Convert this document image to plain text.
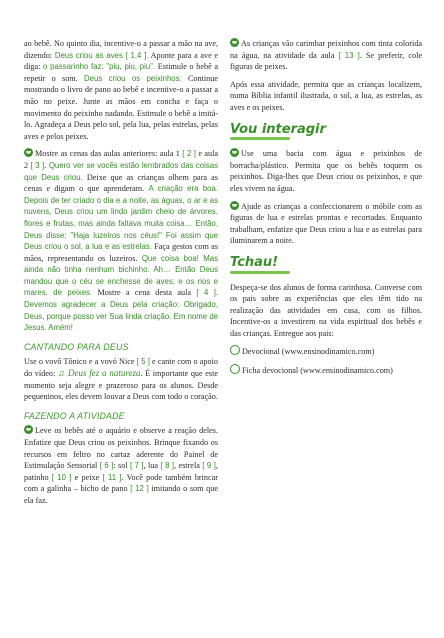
ao bebê. No quinto dia, incentive-o a passar a mão na ave, dizendo: Deus criou as aves [ 1.4 ]. Aponte para a ave e diga: o passarinho faz: "piu, piu, piu". Estimule o bebê a repetir o som. Deus criou os peixinhos. Continue mostrando o livro de pano ao bebê e incentive-o a passar a mão no peixe. Junte as mãos em concha e faça o movimento do peixinho nadando. Estimule o bebê a imitá-lo. Agradeça a Deus pelo sol, pela lua, pelas estrelas, pelas aves e pelos peixes.

Mostre as cenas das aulas anteriores: aula 1 [ 2 ] e aula 2 [ 3 ]. Quero ver se vocês estão lembrados das coisas que Deus criou. Deixe que as crianças olhem para as cenas e digam o que aprenderam. A criação era boa. Depois de ter criado o dia e a noite, as águas, o ar e as nuvens, Deus criou um lindo jardim cheio de árvores, flores e frutas, mas ainda faltava muita coisa… Então, Deus disse: "Haja luzeiros nos céus!" Foi assim que Deus criou o sol, a lua e as estrelas. Faça gestos com as mãos, representando os luzeiros. Que coisa boa! Mas ainda não tinha nenhum bichinho. Ah… Então Deus mandou que o céu se enchesse de aves; e os rios e mares, de peixes. Mostre a cena desta aula [ 4 ]. Devemos agradecer a Deus pela criação: Obrigado, Deus, porque posso ver Sua linda criação. Em nome de Jesus. Amém!

CANTANDO PARA DEUS

Use o vovô Tônico e a vovó Nice [ 5 ] e cante com o apoio do vídeo: ♫ Deus fez a natureza. É importante que este momento seja alegre e prazeroso para os alunos. Desde pequeninos, eles devem louvar a Deus com todo o coração.

FAZENDO A ATIVIDADE

Leve os bebês até o aquário e observe a reação deles. Enfatize que Deus criou os peixinhos. Brinque fixando os recursos em feltro no cartaz aderente do Painel de Estimulação Sensorial [ 6 ]: sol [ 7 ], lua [ 8 ], estrela [ 9 ], patinho [ 10 ] e peixe [ 11 ]. Você pode também brincar com a galinha – bicho de pano [ 12 ] imitando o som que ela faz.

As crianças vão carimbar peixinhos com tinta colorida na água, na atividade da aula [ 13 ]. Se preferir, cole figuras de peixes.

Após essa atividade, permita que as crianças localizem, numa Bíblia infantil ilustrada, o sol, a lua, as estrelas, as aves e os peixes.

Vou interagir

Use uma bacia com água e peixinhos de borracha/plástico. Permita que os bebês toquem os peixinhos. Diga-lhes que Deus criou os peixinhos, e que eles vivem na água.

Ajude as crianças a confeccionarem o móbile com as figuras de lua e estrelas prontas e recortadas. Enquanto trabalham, enfatize que Deus criou a lua e as estrelas para iluminarem a noite.

Tchau!

Despeça-se dos alunos de forma carinhosa. Converse com os pais sobre as experiências que eles têm tido na realização das atividades em casa, com os filhos. Incentive-os a investirem na vida espiritual dos bebês e das crianças. Entregue aos pais:

Devocional (www.ensinodinamico.com)

Ficha devocional (www.ensinodinamico.com)
